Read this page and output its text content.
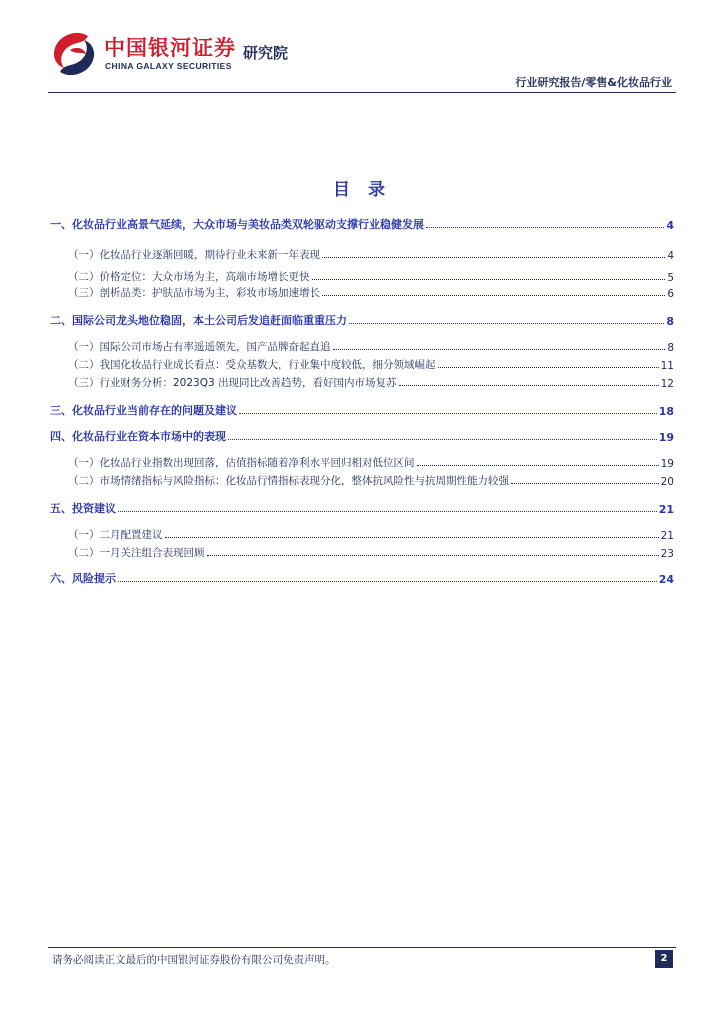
中国银河证券
CHINA GALAXY SECURITIES
研究院
行业研究报告/零售&化妆品行业
目 录
一、化妆品行业高景气延续，大众市场与美妆品类双轮驱动支撑行业稳健发展	4
（一）化妆品行业逐渐回暖，期待行业未来新一年表现	4
（二）价格定位：大众市场为主，高端市场增长更快	5
（三）剖析品类：护肤品市场为主，彩妆市场加速增长	6
二、国际公司龙头地位稳固，本土公司后发追赶面临重重压力	8
（一）国际公司市场占有率遥遥领先，国产品牌奋起直追	8
（二）我国化妆品行业成长看点：受众基数大，行业集中度较低，细分领域崛起	11
（三）行业财务分析：2023Q3 出现同比改善趋势，看好国内市场复苏	12
三、化妆品行业当前存在的问题及建议	18
四、化妆品行业在资本市场中的表现	19
（一）化妆品行业指数出现回落，估值指标随着净利水平回归相对低位区间	19
（二）市场情绪指标与风险指标：化妆品行情指标表现分化，整体抗风险性与抗周期性能力较强	20
五、投资建议	21
（一）二月配置建议	21
（二）一月关注组合表现回顾	23
六、风险提示	24
请务必阅读正文最后的中国银河证券股份有限公司免责声明。	2
